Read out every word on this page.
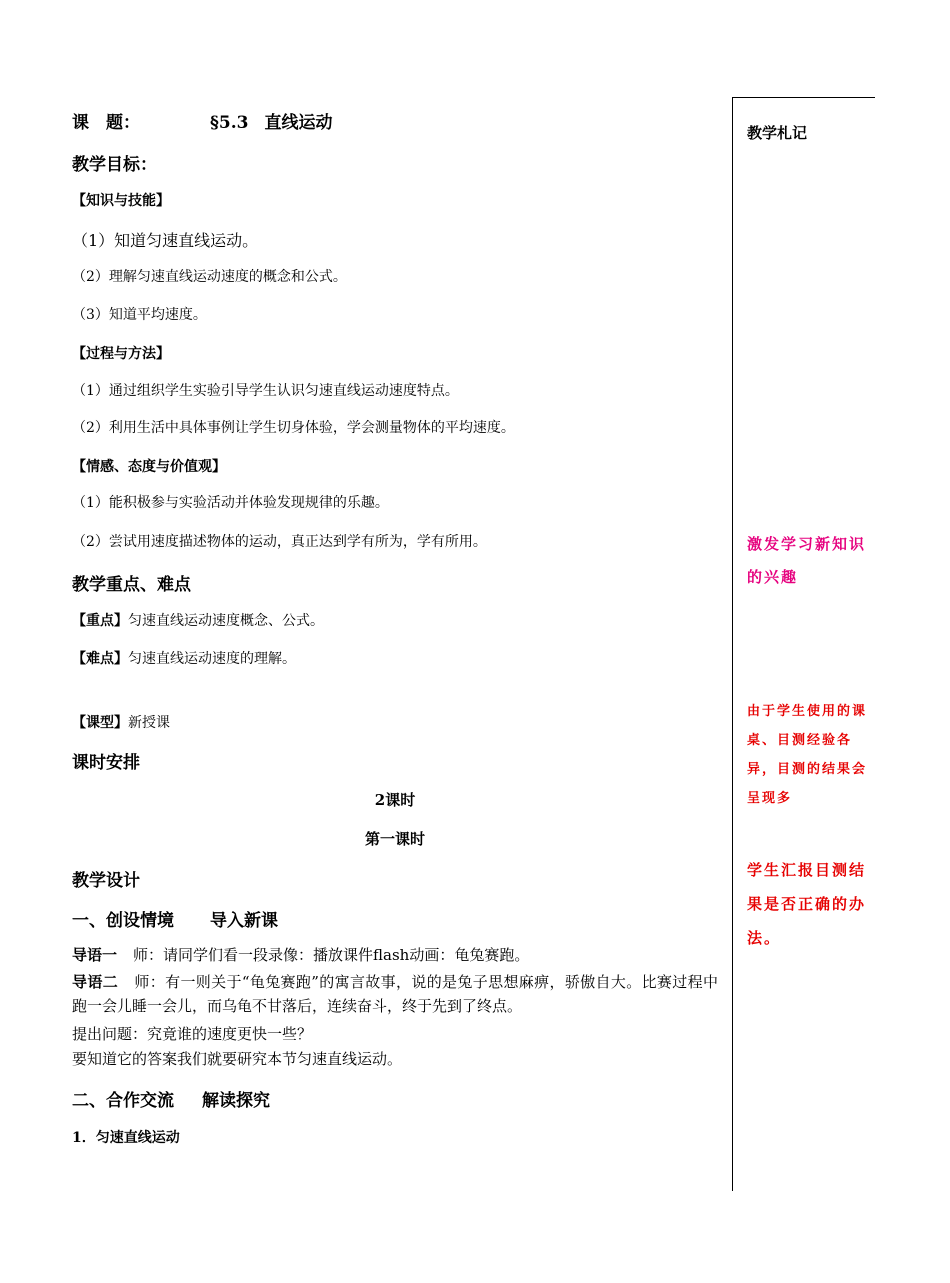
课　题：	§5.3 直线运动
教学目标：
【知识与技能】
（1）知道匀速直线运动。
（2）理解匀速直线运动速度的概念和公式。
（3）知道平均速度。
【过程与方法】
（1）通过组织学生实验引导学生认识匀速直线运动速度特点。
（2）利用生活中具体事例让学生切身体验，学会测量物体的平均速度。
【情感、态度与价值观】
（1）能积极参与实验活动并体验发现规律的乐趣。
（2）尝试用速度描述物体的运动，真正达到学有所为，学有所用。
教学重点、难点
【重点】匀速直线运动速度概念、公式。
【难点】匀速直线运动速度的理解。
【课型】新授课
课时安排
2课时
第一课时
教学设计
一、创设情境 导入新课
导语一 师：请同学们看一段录像：播放课件flash动画：龟兔赛跑。
导语二 师：有一则关于“龟兔赛跑”的寓言故事，说的是兔子思想麻痹，骄傲自大。比赛过程中跑一会儿睡一会儿，而乌龟不甘落后，连续奋斗，终于先到了终点。
提出问题：究竟谁的速度更快一些？
要知道它的答案我们就要研究本节匀速直线运动。
二、合作交流 解读探究
1．匀速直线运动
教学札记
激发学习新知识的兴趣
由于学生使用的课桌、目测经验各异，目测的结果会呈现多
学生汇报目测结果是否正确的办法。
